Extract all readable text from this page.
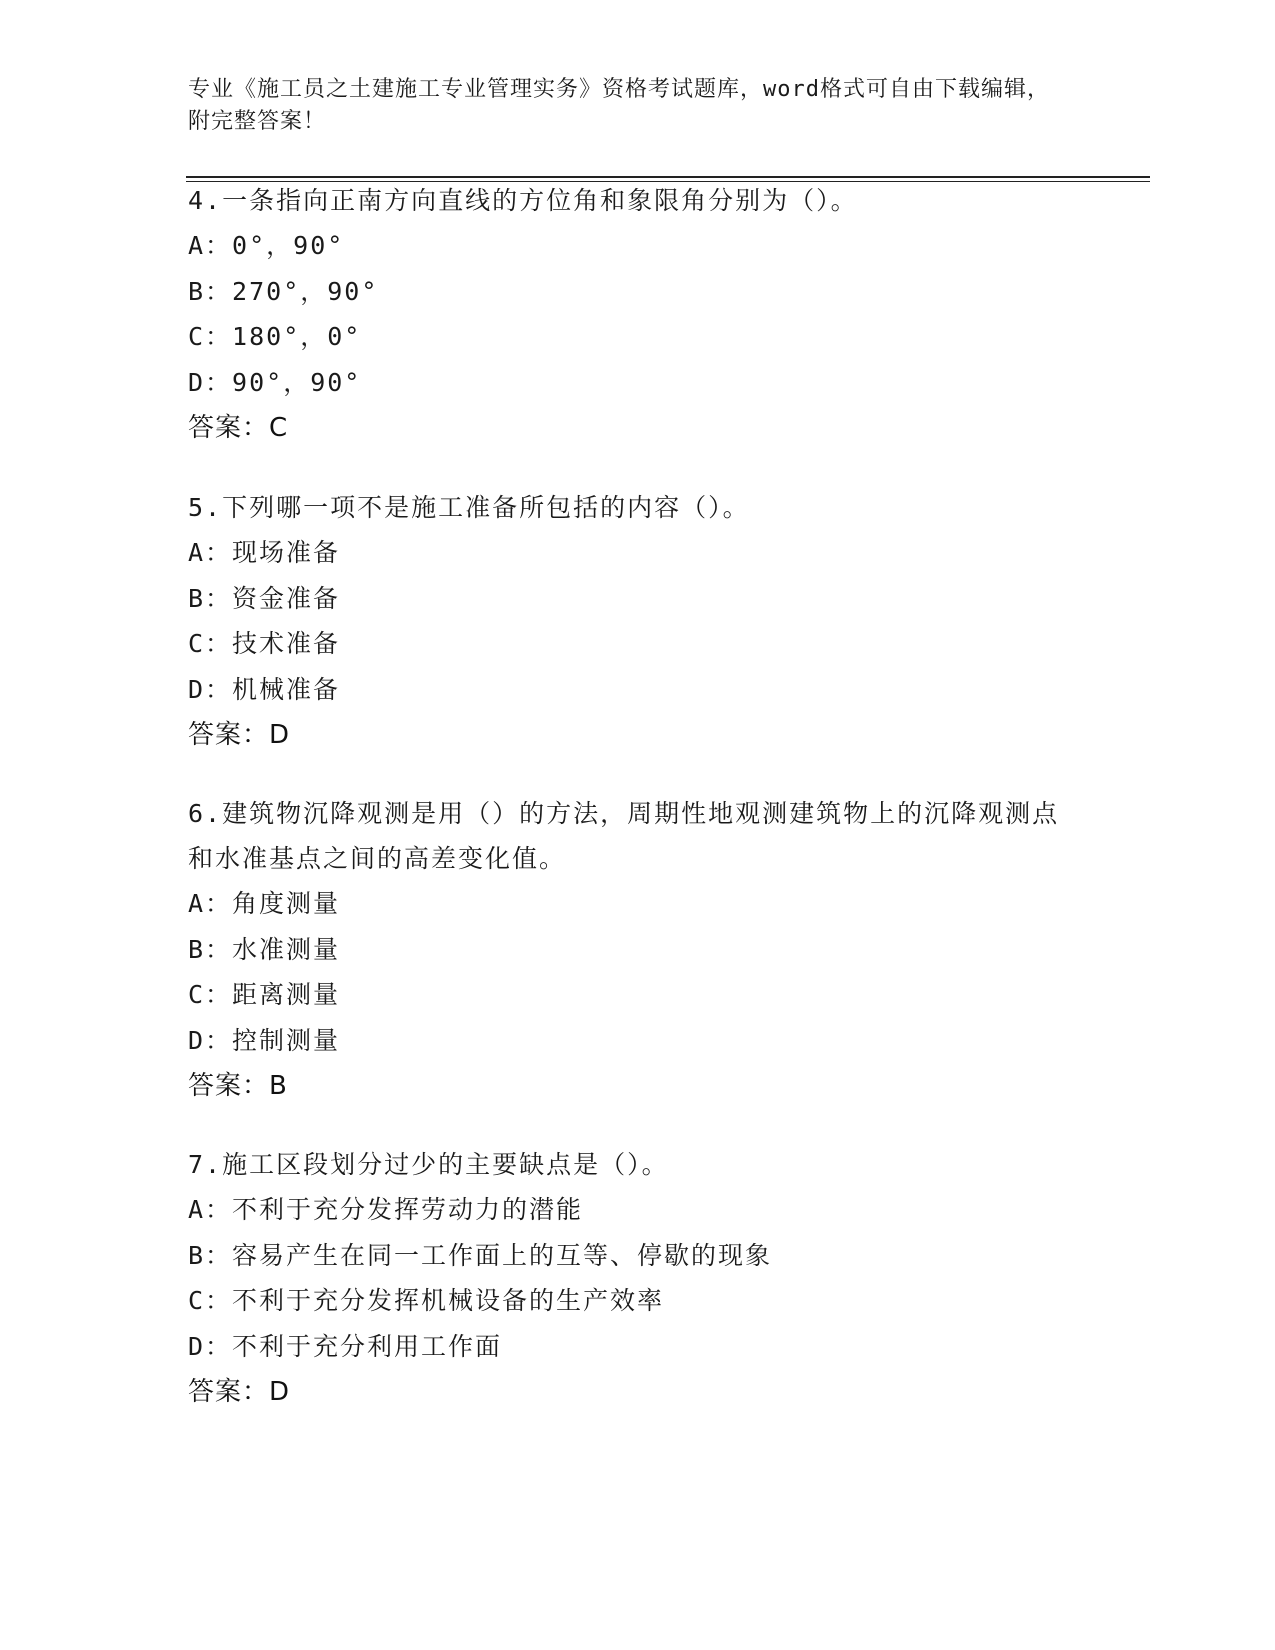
专业《施工员之土建施工专业管理实务》资格考试题库，word格式可自由下载编辑，附完整答案！
4.一条指向正南方向直线的方位角和象限角分别为（）。
A：0°，90°
B：270°，90°
C：180°，0°
D：90°，90°
答案：C
5.下列哪一项不是施工准备所包括的内容（）。
A：现场准备
B：资金准备
C：技术准备
D：机械准备
答案：D
6.建筑物沉降观测是用（）的方法，周期性地观测建筑物上的沉降观测点和水准基点之间的高差变化值。
A：角度测量
B：水准测量
C：距离测量
D：控制测量
答案：B
7.施工区段划分过少的主要缺点是（）。
A：不利于充分发挥劳动力的潜能
B：容易产生在同一工作面上的互等、停歇的现象
C：不利于充分发挥机械设备的生产效率
D：不利于充分利用工作面
答案：D
